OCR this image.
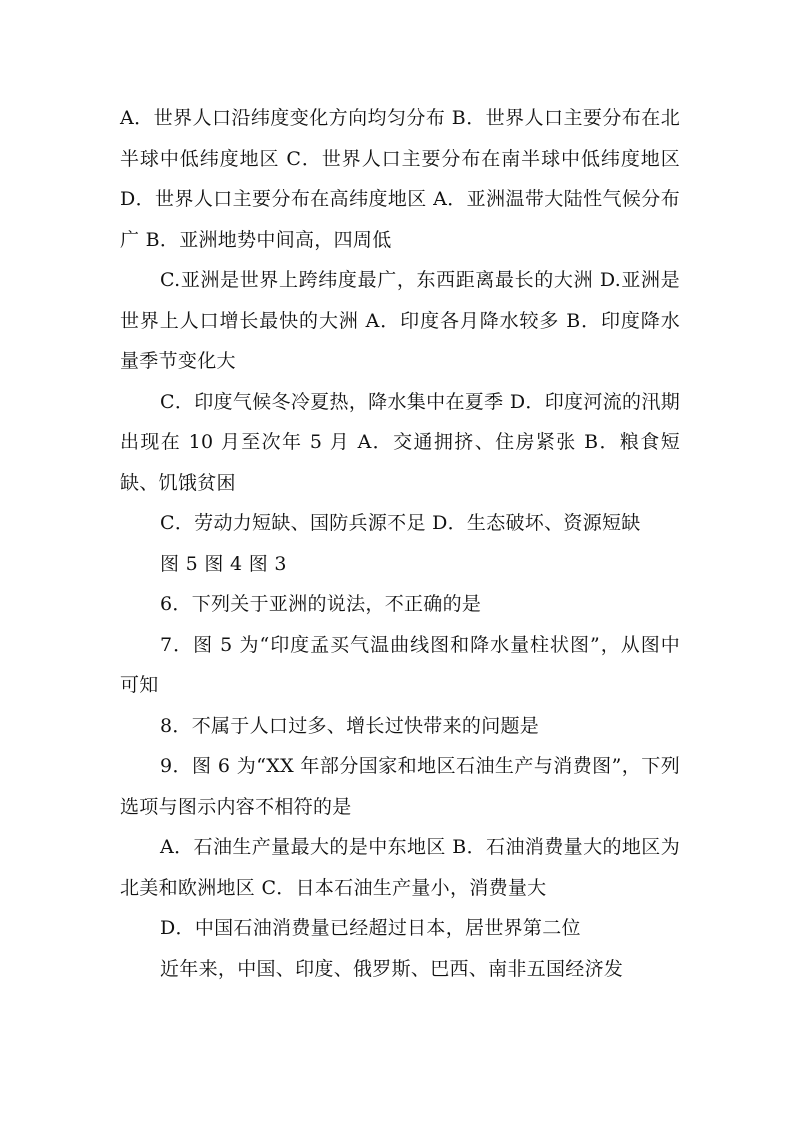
A．世界人口沿纬度变化方向均匀分布 B．世界人口主要分布在北半球中低纬度地区 C．世界人口主要分布在南半球中低纬度地区 D．世界人口主要分布在高纬度地区 A．亚洲温带大陆性气候分布广 B．亚洲地势中间高，四周低

C.亚洲是世界上跨纬度最广，东西距离最长的大洲 D.亚洲是世界上人口增长最快的大洲 A．印度各月降水较多 B．印度降水量季节变化大

C．印度气候冬冷夏热，降水集中在夏季 D．印度河流的汛期出现在 10 月至次年 5 月 A．交通拥挤、住房紧张 B．粮食短缺、饥饿贫困

C．劳动力短缺、国防兵源不足 D．生态破坏、资源短缺

图 5 图 4 图 3

6．下列关于亚洲的说法，不正确的是

7．图 5 为“印度孟买气温曲线图和降水量柱状图”，从图中可知

8．不属于人口过多、增长过快带来的问题是

9．图 6 为“XX 年部分国家和地区石油生产与消费图”，下列选项与图示内容不相符的是

A．石油生产量最大的是中东地区 B．石油消费量大的地区为北美和欧洲地区 C．日本石油生产量小，消费量大

D．中国石油消费量已经超过日本，居世界第二位

近年来，中国、印度、俄罗斯、巴西、南非五国经济发
